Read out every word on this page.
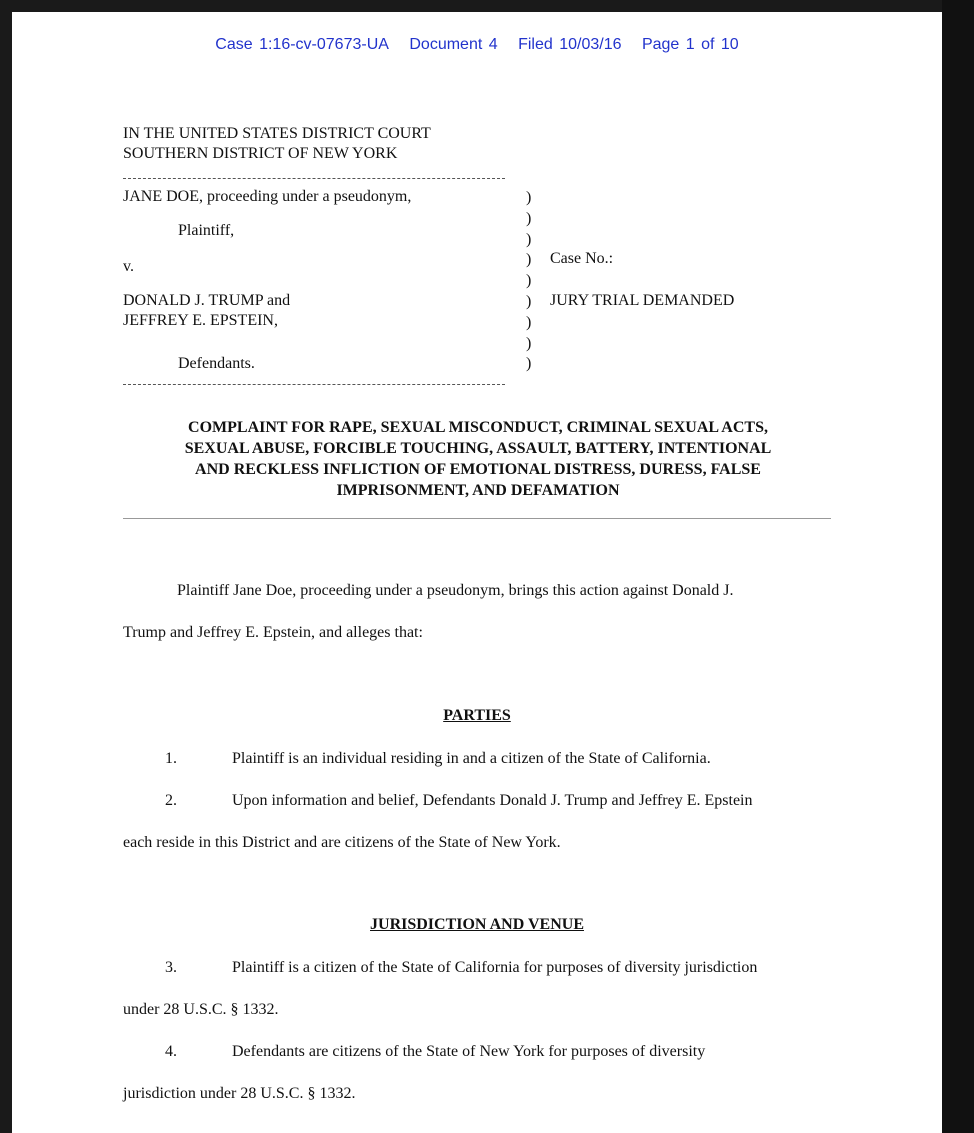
Case 1:16-cv-07673-UA Document 4 Filed 10/03/16 Page 1 of 10
IN THE UNITED STATES DISTRICT COURT
SOUTHERN DISTRICT OF NEW YORK
JANE DOE, proceeding under a pseudonym,
Plaintiff,
v.
DONALD J. TRUMP and
JEFFREY E. EPSTEIN,
Defendants.
)
)
)
)
)
)
)
)
)
Case No.:
JURY TRIAL DEMANDED
COMPLAINT FOR RAPE, SEXUAL MISCONDUCT, CRIMINAL SEXUAL ACTS,
SEXUAL ABUSE, FORCIBLE TOUCHING, ASSAULT, BATTERY, INTENTIONAL
AND RECKLESS INFLICTION OF EMOTIONAL DISTRESS, DURESS, FALSE
IMPRISONMENT, AND DEFAMATION
Plaintiff Jane Doe, proceeding under a pseudonym, brings this action against Donald J.
Trump and Jeffrey E. Epstein, and alleges that:
PARTIES
1.	Plaintiff is an individual residing in and a citizen of the State of California.
2.	Upon information and belief, Defendants Donald J. Trump and Jeffrey E. Epstein
each reside in this District and are citizens of the State of New York.
JURISDICTION AND VENUE
3.	Plaintiff is a citizen of the State of California for purposes of diversity jurisdiction
under 28 U.S.C. § 1332.
4.	Defendants are citizens of the State of New York for purposes of diversity
jurisdiction under 28 U.S.C. § 1332.
